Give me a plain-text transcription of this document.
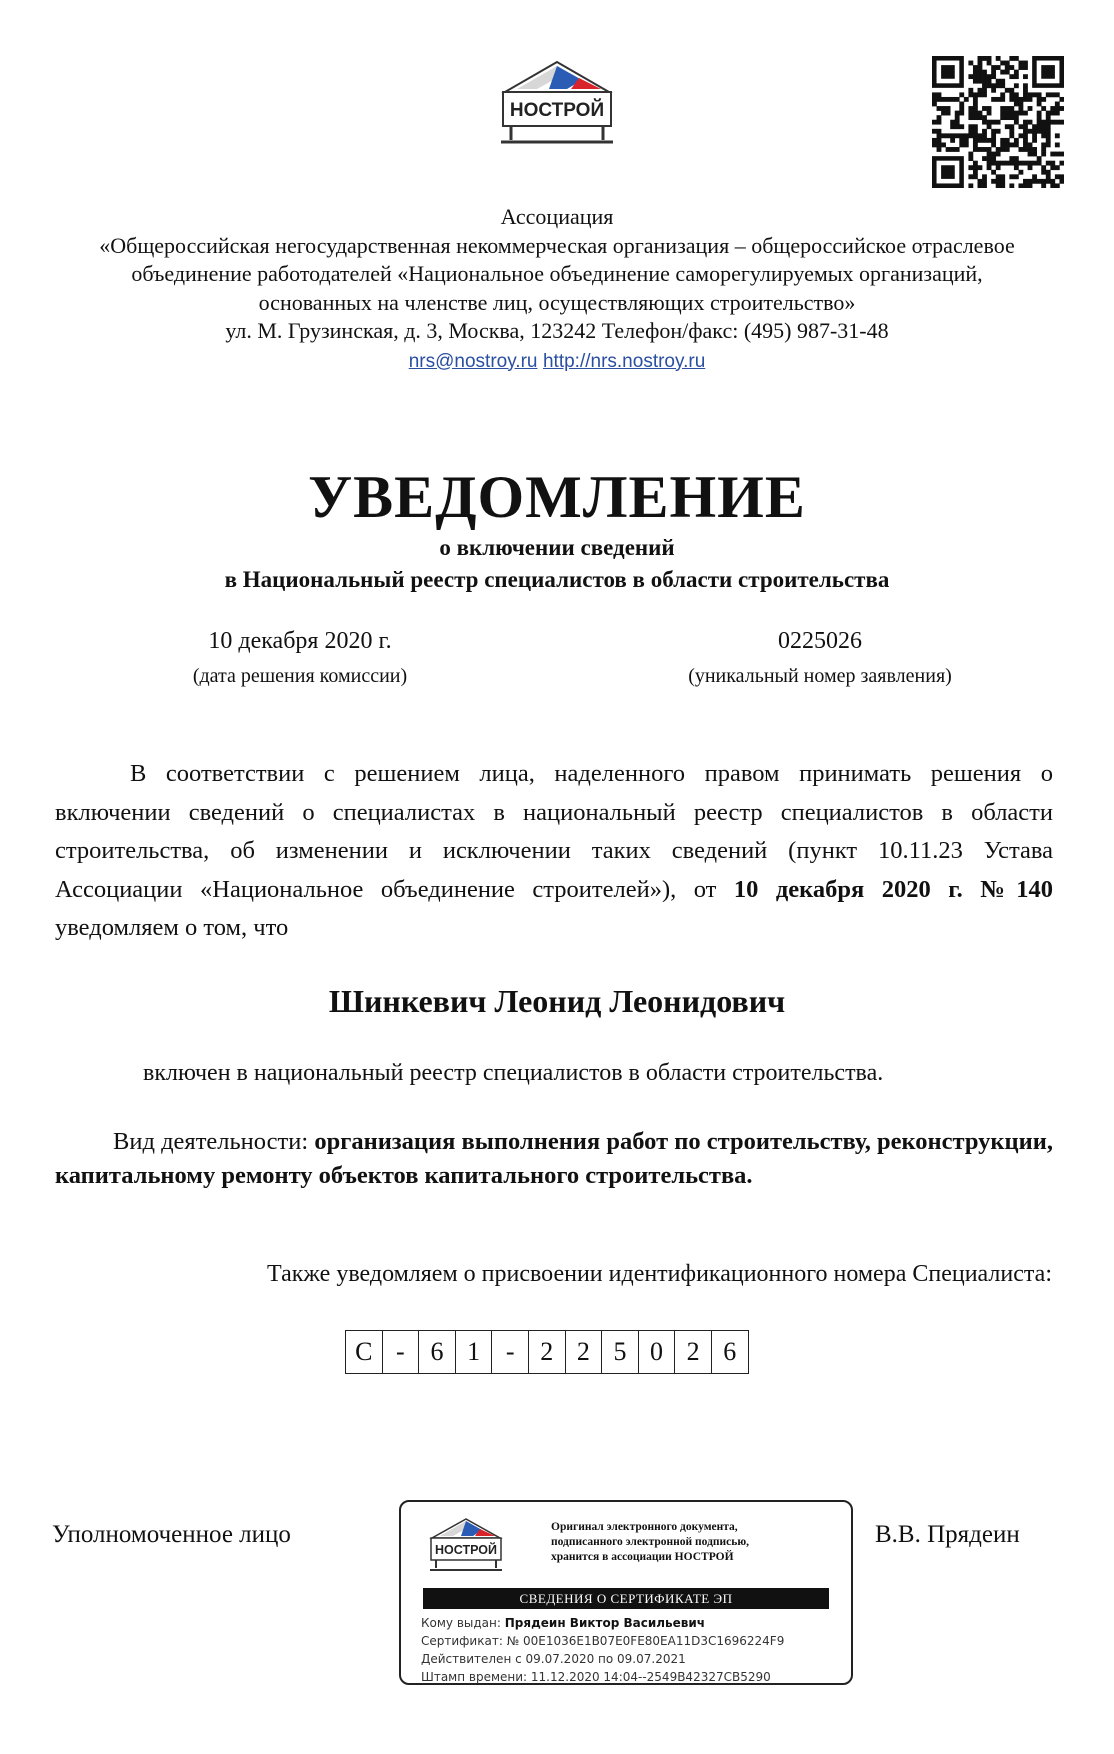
НОСТРОЙ
Ассоциация
«Общероссийская негосударственная некоммерческая организация – общероссийское отраслевое
объединение работодателей «Национальное объединение саморегулируемых организаций,
основанных на членстве лиц, осуществляющих строительство»
ул. М. Грузинская, д. 3, Москва, 123242 Телефон/факс: (495) 987-31-48
nrs@nostroy.ru http://nrs.nostroy.ru
УВЕДОМЛЕНИЕ
о включении сведений
в Национальный реестр специалистов в области строительства
10 декабря 2020 г.
(дата решения комиссии)
0225026
(уникальный номер заявления)
В соответствии с решением лица, наделенного правом принимать решения о включении сведений о специалистах в национальный реестр специалистов в области строительства, об изменении и исключении таких сведений (пункт 10.11.23 Устава Ассоциации «Национальное объединение строителей»), от 10 декабря 2020 г. №140 уведомляем о том, что
Шинкевич Леонид Леонидович
включен в национальный реестр специалистов в области строительства.
Вид деятельности: организация выполнения работ по строительству, реконструкции, капитальному ремонту объектов капитального строительства.
Также уведомляем о присвоении идентификационного номера Специалиста:
С - 6 1 - 2 2 5 0 2 6
Уполномоченное лицо	В.В. Прядеин
НОСТРОЙ
Оригинал электронного документа,
подписанного электронной подписью,
хранится в ассоциации НОСТРОЙ
СВЕДЕНИЯ О СЕРТИФИКАТЕ ЭП
Кому выдан: Прядеин Виктор Васильевич
Сертификат: № 00E1036E1B07E0FE80EA11D3C1696224F9
Действителен с 09.07.2020 по 09.07.2021
Штамп времени: 11.12.2020 14:04--2549B42327CB5290
